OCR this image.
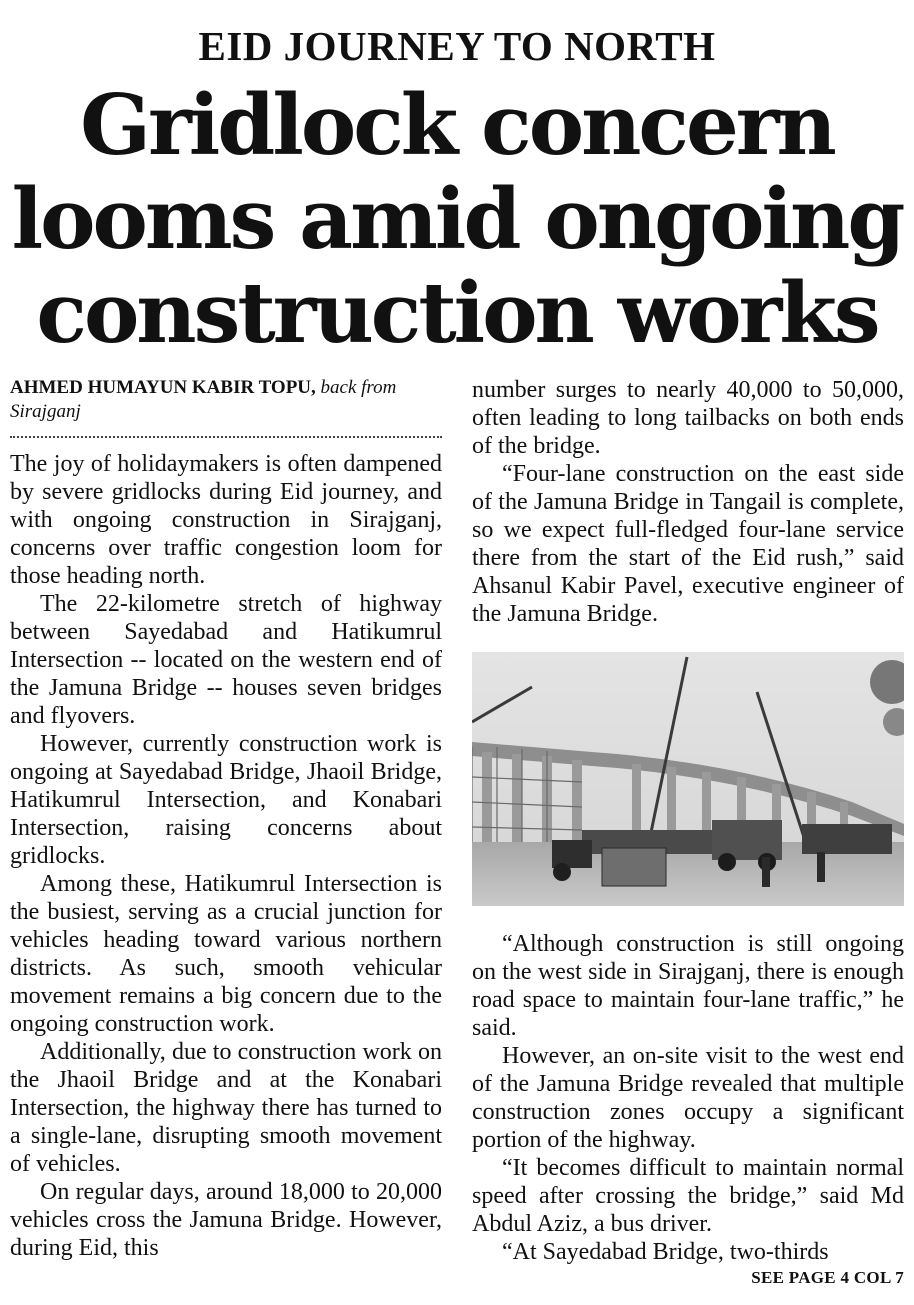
EID JOURNEY TO NORTH
Gridlock concern
looms amid ongoing
construction works
AHMED HUMAYUN KABIR TOPU, back from Sirajganj

The joy of holidaymakers is often dampened by severe gridlocks during Eid journey, and with ongoing construction in Sirajganj, concerns over traffic congestion loom for those heading north.

The 22-kilometre stretch of highway between Sayedabad and Hatikumrul Intersection -- located on the western end of the Jamuna Bridge -- houses seven bridges and flyovers.

However, currently construction work is ongoing at Sayedabad Bridge, Jhaoil Bridge, Hatikumrul Intersection, and Konabari Intersection, raising concerns about gridlocks.

Among these, Hatikumrul Intersection is the busiest, serving as a crucial junction for vehicles heading toward various northern districts. As such, smooth vehicular movement remains a big concern due to the ongoing construction work.

Additionally, due to construction work on the Jhaoil Bridge and at the Konabari Intersection, the highway there has turned to a single-lane, disrupting smooth movement of vehicles.

On regular days, around 18,000 to 20,000 vehicles cross the Jamuna Bridge. However, during Eid, this

number surges to nearly 40,000 to 50,000, often leading to long tailbacks on both ends of the bridge.

“Four-lane construction on the east side of the Jamuna Bridge in Tangail is complete, so we expect full-fledged four-lane service there from the start of the Eid rush,” said Ahsanul Kabir Pavel, executive engineer of the Jamuna Bridge.

“Although construction is still ongoing on the west side in Sirajganj, there is enough road space to maintain four-lane traffic,” he said.

However, an on-site visit to the west end of the Jamuna Bridge revealed that multiple construction zones occupy a significant portion of the highway.

“It becomes difficult to maintain normal speed after crossing the bridge,” said Md Abdul Aziz, a bus driver.

“At Sayedabad Bridge, two-thirds

SEE PAGE 4 COL 7
